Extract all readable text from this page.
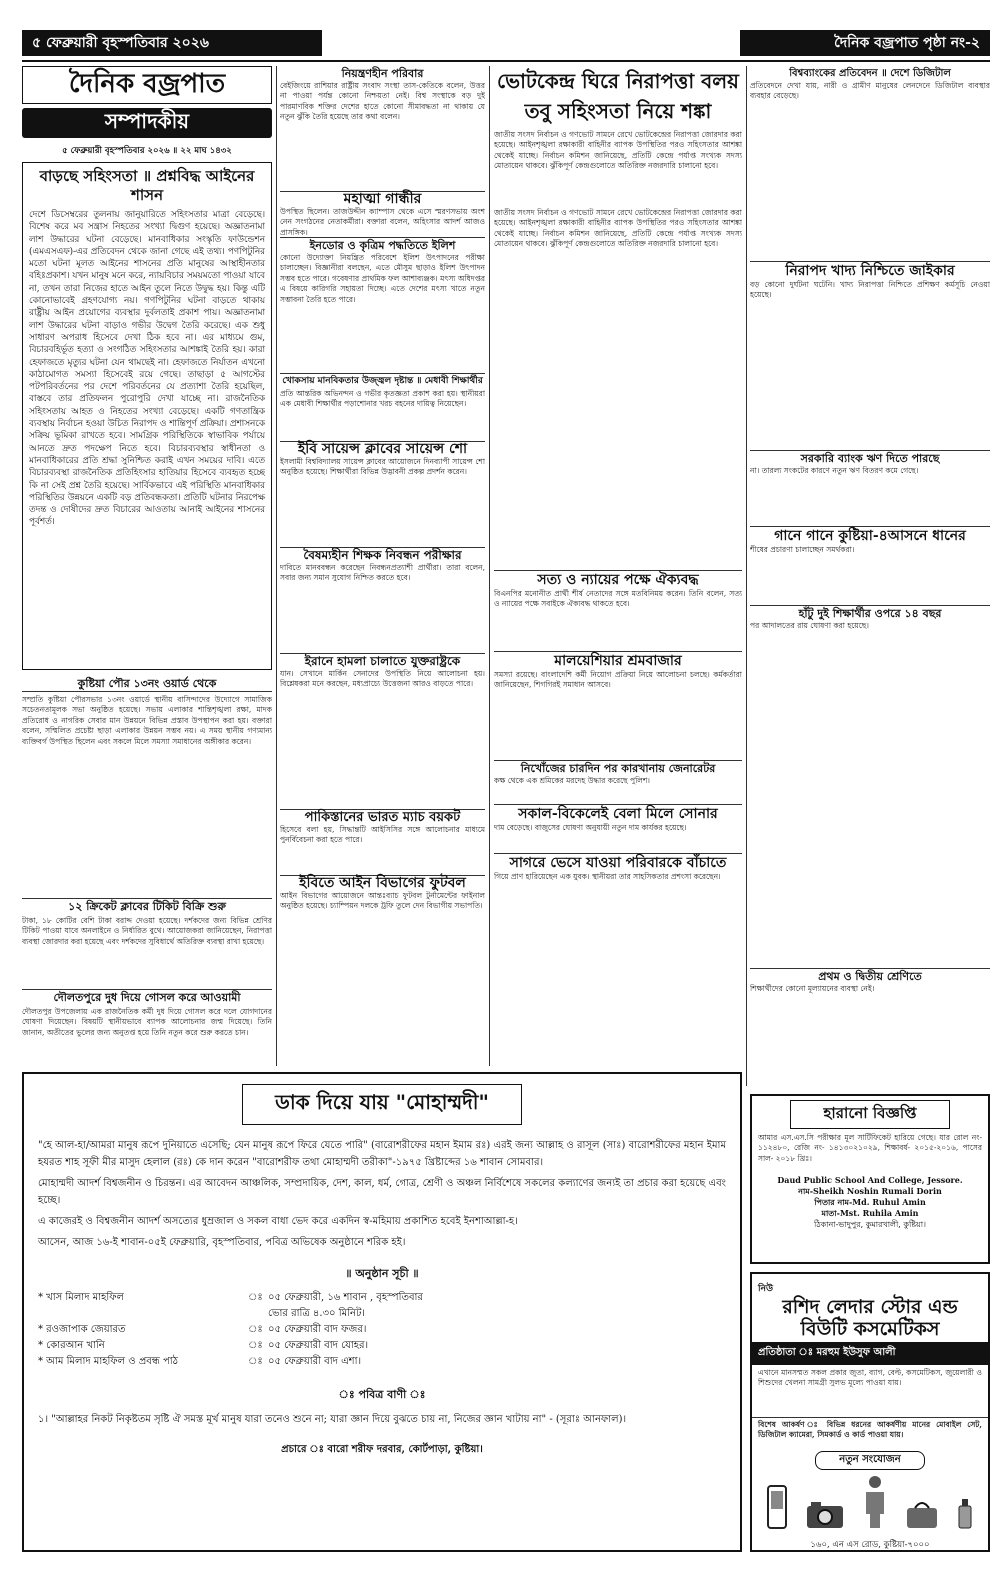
৫ ফেব্রুয়ারী বৃহস্পতিবার ২০২৬	দৈনিক বজ্রপাত পৃষ্ঠা নং-২
দৈনিক বজ্রপাত
সম্পাদকীয়
৫ ফেব্রুয়ারী বৃহস্পতিবার ২০২৬ ॥ ২২ মাঘ ১৪৩২
বাড়ছে সহিংসতা ॥ প্রশ্নবিদ্ধ আইনের শাসন
দেশে ডিসেম্বরের তুলনায় জানুয়ারিতে সহিংসতার মাত্রা বেড়েছে। বিশেষ করে মব সন্ত্রাস নিহতের সংখ্যা দ্বিগুণ হয়েছে। অজ্ঞাতনামা লাশ উদ্ধারের ঘটনা বেড়েছে। মানবাধিকার সংস্কৃতি ফাউন্ডেশন (এমএসএফ)-এর প্রতিবেদন থেকে জানা গেছে এই তথ্য। পণপিটুনির মতো ঘটনা মূলত আইনের শাসনের প্রতি মানুষের আস্থাহীনতার বহিঃপ্রকাশ। যখন মানুষ মনে করে, ন্যায়বিচার সময়মতো পাওয়া যাবে না, তখন তারা নিজের হাতে আইন তুলে নিতে উদ্বুদ্ধ হয়। কিন্তু এটি কোনোভাবেই গ্রহণযোগ্য নয়। গণপিটুনির ঘটনা বাড়তে থাকায় রাষ্ট্রীয় আইন প্রয়োগের ব্যবস্থার দুর্বলতাই প্রকাশ পায়। অজ্ঞাতনামা লাশ উদ্ধারের ঘটনা বাড়াও গভীর উদ্বেগ তৈরি করেছে। এক শুধু সাধারণ অপরাধ হিসেবে দেখা ঠিক হবে না। এর মাধ্যমে গুম, বিচারবহির্ভূত হত্যা ও সংগঠিত সহিংসতার আশঙ্কাই তৈরি হয়। কারা হেফাজতে মৃত্যুর ঘটনা যেন থামছেই না। হেফাজতে নির্যাতন এখনো কাঠামোগত সমস্যা হিসেবেই রয়ে গেছে। তাছাড়া ৫ আগস্টের পটপরিবর্তনের পর দেশে পরিবর্তনের যে প্রত্যাশা তৈরি হয়েছিল, বাস্তবে তার প্রতিফলন পুরোপুরি দেখা যাচ্ছে না। রাজনৈতিক সহিংসতায় আহত ও নিহতের সংখ্যা বেড়েছে। একটি গণতান্ত্রিক ব্যবস্থায় নির্বাচন হওয়া উচিত নিরাপদ ও শান্তিপূর্ণ প্রক্রিয়া। প্রশাসনকে সক্রিয় ভূমিকা রাখতে হবে। সামগ্রিক পরিস্থিতিকে স্বাভাবিক পর্যায়ে আনতে দ্রুত পদক্ষেপ নিতে হবে। বিচারব্যবস্থার স্বাধীনতা ও মানবাধিকারের প্রতি শ্রদ্ধা সুনিশ্চিত করাই এখন সময়ের দাবি। এতে বিচারব্যবস্থা রাজনৈতিক প্রতিহিংসার হাতিয়ার হিসেবে ব্যবহৃত হচ্ছে কি না সেই প্রশ্ন তৈরি হয়েছে। সার্বিকভাবে এই পরিস্থিতি মানবাধিকার পরিস্থিতির উন্নয়নে একটি বড় প্রতিবন্ধকতা। প্রতিটি ঘটনার নিরপেক্ষ তদন্ত ও দোষীদের দ্রুত বিচারের আওতায় আনাই আইনের শাসনের পূর্বশর্ত।
কুষ্টিয়া পৌর ১৩নং ওয়ার্ড থেকে
সম্প্রতি কুষ্টিয়া পৌরসভার ১৩নং ওয়ার্ডে স্থানীয় বাসিন্দাদের উদ্যোগে সামাজিক সচেতনতামূলক সভা অনুষ্ঠিত হয়েছে। সভায় এলাকার শান্তিশৃঙ্খলা রক্ষা, মাদক প্রতিরোধ ও নাগরিক সেবার মান উন্নয়নে বিভিন্ন প্রস্তাব উপস্থাপন করা হয়। বক্তারা বলেন, সম্মিলিত প্রচেষ্টা ছাড়া এলাকার উন্নয়ন সম্ভব নয়। এ সময় স্থানীয় গণ্যমান্য ব্যক্তিবর্গ উপস্থিত ছিলেন এবং সকলে মিলে সমস্যা সমাধানের অঙ্গীকার করেন।
১২ ক্রিকেট ক্লাবের টিকিট বিক্রি শুরু
টাকা, ১৮ কোটির বেশি টাকা বরাদ্দ দেওয়া হয়েছে। দর্শকদের জন্য বিভিন্ন শ্রেণির টিকিট পাওয়া যাবে অনলাইনে ও নির্ধারিত বুথে। আয়োজকরা জানিয়েছেন, নিরাপত্তা ব্যবস্থা জোরদার করা হয়েছে এবং দর্শকদের সুবিধার্থে অতিরিক্ত ব্যবস্থা রাখা হয়েছে।
দৌলতপুরে দুধ দিয়ে গোসল করে আওয়ামী
দৌলতপুর উপজেলায় এক রাজনৈতিক কর্মী দুধ দিয়ে গোসল করে দলে যোগদানের ঘোষণা দিয়েছেন। বিষয়টি স্থানীয়ভাবে ব্যাপক আলোচনার জন্ম দিয়েছে। তিনি জানান, অতীতের ভুলের জন্য অনুতপ্ত হয়ে তিনি নতুন করে শুরু করতে চান।
নিয়ন্ত্রণহীন পরিবার
বেইজিংয়ে রাশিয়ার রাষ্ট্রীয় সংবাদ সংস্থা তাস-কেতিকে বলেন, উত্তর না পাওয়া পর্যন্ত কোনো নিশ্চয়তা নেই। বিশ্ব সংস্থাকে বড় দুই পারমাণবিক শক্তির দেশের হাতে কোনো সীমাবদ্ধতা না থাকায় যে নতুন ঝুঁকি তৈরি হয়েছে তার কথা বলেন।
মহাত্মা গান্ধীর
উপস্থিত ছিলেন। তাজউদ্দীন ক্যাম্পাস থেকে এসে স্মরণসভায় অংশ নেন সংগঠনের নেতাকর্মীরা। বক্তারা বলেন, অহিংসার আদর্শ আজও প্রাসঙ্গিক।
ইনডোর ও কৃত্রিম পদ্ধতিতে ইলিশ
কোনো উদ্যোক্তা নিয়ন্ত্রিত পরিবেশে ইলিশ উৎপাদনের পরীক্ষা চালাচ্ছেন। বিজ্ঞানীরা বলছেন, এতে মৌসুম ছাড়াও ইলিশ উৎপাদন সম্ভব হতে পারে। গবেষণার প্রাথমিক ফল আশাব্যঞ্জক। মৎস্য অধিদপ্তর এ বিষয়ে কারিগরি সহায়তা দিচ্ছে। এতে দেশের মৎস্য খাতে নতুন সম্ভাবনা তৈরি হতে পারে।
খোকসায় মানবিকতার উজ্জ্বল দৃষ্টান্ত ॥ মেধাবী শিক্ষার্থীর
প্রতি আন্তরিক অভিনন্দন ও গভীর কৃতজ্ঞতা প্রকাশ করা হয়। স্থানীয়রা এক মেধাবী শিক্ষার্থীর পড়াশোনার খরচ বহনের দায়িত্ব নিয়েছেন।
ইবি সায়েন্স ক্লাবের সায়েন্স শো
ইসলামী বিশ্ববিদ্যালয় সায়েন্স ক্লাবের আয়োজনে দিনব্যাপী সায়েন্স শো অনুষ্ঠিত হয়েছে। শিক্ষার্থীরা বিভিন্ন উদ্ভাবনী প্রকল্প প্রদর্শন করেন।
বৈষম্যহীন শিক্ষক নিবন্ধন পরীক্ষার
দাবিতে মানববন্ধন করেছেন নিবন্ধনপ্রত্যাশী প্রার্থীরা। তারা বলেন, সবার জন্য সমান সুযোগ নিশ্চিত করতে হবে।
ইরানে হামলা চালাতে যুক্তরাষ্ট্রকে
যান। সেখানে মার্কিন সেনাদের উপস্থিতি নিয়ে আলোচনা হয়। বিশ্লেষকরা মনে করছেন, মধ্যপ্রাচ্যে উত্তেজনা আরও বাড়তে পারে।
পাকিস্তানের ভারত ম্যাচ বয়কট
হিসেবে বলা হয়, সিদ্ধান্তটি আইসিসির সঙ্গে আলোচনার মাধ্যমে পুনর্বিবেচনা করা হতে পারে।
ইবিতে আইন বিভাগের ফুটবল
আইন বিভাগের আয়োজনে আন্তঃব্যাচ ফুটবল টুর্নামেন্টের ফাইনাল অনুষ্ঠিত হয়েছে। চ্যাম্পিয়ন দলকে ট্রফি তুলে দেন বিভাগীয় সভাপতি।
ভোটকেন্দ্র ঘিরে নিরাপত্তা বলয়
তবু সহিংসতা নিয়ে শঙ্কা
জাতীয় সংসদ নির্বাচন ও গণভোট সামনে রেখে ভোটকেন্দ্রের নিরাপত্তা জোরদার করা হয়েছে। আইনশৃঙ্খলা রক্ষাকারী বাহিনীর ব্যাপক উপস্থিতির পরও সহিংসতার আশঙ্কা থেকেই যাচ্ছে। নির্বাচন কমিশন জানিয়েছে, প্রতিটি কেন্দ্রে পর্যাপ্ত সংখ্যক সদস্য মোতায়েন থাকবে। ঝুঁকিপূর্ণ কেন্দ্রগুলোতে অতিরিক্ত নজরদারি চালানো হবে।
জাতীয় সংসদ নির্বাচন ও গণভোট সামনে রেখে ভোটকেন্দ্রের নিরাপত্তা জোরদার করা হয়েছে। আইনশৃঙ্খলা রক্ষাকারী বাহিনীর ব্যাপক উপস্থিতির পরও সহিংসতার আশঙ্কা থেকেই যাচ্ছে। নির্বাচন কমিশন জানিয়েছে, প্রতিটি কেন্দ্রে পর্যাপ্ত সংখ্যক সদস্য মোতায়েন থাকবে। ঝুঁকিপূর্ণ কেন্দ্রগুলোতে অতিরিক্ত নজরদারি চালানো হবে।
সত্য ও ন্যায়ের পক্ষে ঐক্যবদ্ধ
বিএনপির মনোনীত প্রার্থী শীর্ষ নেতাদের সঙ্গে মতবিনিময় করেন। তিনি বলেন, সত্য ও ন্যায়ের পক্ষে সবাইকে ঐক্যবদ্ধ থাকতে হবে।
মালয়েশিয়ার শ্রমবাজার
সমস্যা রয়েছে। বাংলাদেশি কর্মী নিয়োগ প্রক্রিয়া নিয়ে আলোচনা চলছে। কর্মকর্তারা জানিয়েছেন, শিগগিরই সমাধান আসবে।
নিখোঁজের চারদিন পর কারখানায় জেনারেটর
কক্ষ থেকে এক শ্রমিকের মরদেহ উদ্ধার করেছে পুলিশ।
সকাল-বিকেলেই বেলা মিলে সোনার
দাম বেড়েছে। বাজুসের ঘোষণা অনুযায়ী নতুন দাম কার্যকর হয়েছে।
সাগরে ভেসে যাওয়া পরিবারকে বাঁচাতে
গিয়ে প্রাণ হারিয়েছেন এক যুবক। স্থানীয়রা তার সাহসিকতার প্রশংসা করেছেন।
বিশ্বব্যাংকের প্রতিবেদন ॥ দেশে ডিজিটাল
প্রতিবেদনে দেখা যায়, নারী ও গ্রামীণ মানুষের লেনদেনে ডিজিটাল ব্যবস্থার ব্যবহার বেড়েছে।
নিরাপদ খাদ্য নিশ্চিতে জাইকার
বড় কোনো দুর্ঘটনা ঘটেনি। খাদ্য নিরাপত্তা নিশ্চিতে প্রশিক্ষণ কর্মসূচি নেওয়া হয়েছে।
সরকারি ব্যাংক ঋণ দিতে পারছে
না। তারল্য সংকটের কারণে নতুন ঋণ বিতরণ কমে গেছে।
গানে গানে কুষ্টিয়া-৪আসনে ধানের
শীষের প্রচারণা চালাচ্ছেন সমর্থকরা।
হাঁটু দুই শিক্ষার্থীর ওপরে ১৪ বছর
পর আদালতের রায় ঘোষণা করা হয়েছে।
প্রথম ও দ্বিতীয় শ্রেণিতে
শিক্ষার্থীদের কোনো মূল্যায়নের ব্যবস্থা নেই।
ডাক দিয়ে যায় "মোহাম্মদী"
"হে আল-হা/আমরা মানুষ রূপে দুনিয়াতে এসেছি; যেন মানুষ রূপে ফিরে যেতে পারি" (বারোশরীফের মহান ইমাম রঃ) এরই জন্য আল্লাহ ও রাসূল (সাঃ) বারোশরীফের মহান ইমাম হযরত শাহ সূফী মীর মাসুদ হেলাল (রঃ) কে দান করেন "বারোশরীফ তথা মোহাম্মদী তরীকা"-১৯৭৫ খ্রিষ্টাব্দের ১৬ শাবান সোমবার।
মোহাম্মদী আদর্শ বিশ্বজনীন ও চিরন্তন। এর আবেদন আঞ্চলিক, সম্প্রদায়িক, দেশ, কাল, ধর্ম, গোত্র, শ্রেণী ও অঞ্চল নির্বিশেষে সকলের কল্যাণের জন্যই তা প্রচার করা হয়েছে এবং হচ্ছে।
এ কাজেরই ও বিশ্বজনীন আদর্শ অসত্যের ধুম্রজাল ও সকল বাধা ভেদ করে একদিন স্ব-মহিমায় প্রকাশিত হবেই ইনশাআল্লা-হ।
আসেন, আজ ১৬-ই শাবান-০৫ই ফেব্রুয়ারি, বৃহস্পতিবার, পবিত্র অভিষেক অনুষ্ঠানে শরিক হই।
॥ অনুষ্ঠান সূচী ॥
* খাস মিলাদ মাহফিল	ঃ ০৫ ফেব্রুয়ারী, ১৬ শাবান , বৃহস্পতিবার
ভোর রাত্রি ৪.৩০ মিনিট।
* রওজাপাক জেয়ারত	ঃ ০৫ ফেব্রুয়ারী বাদ ফজর।
* কোরআন খানি	ঃ ০৫ ফেব্রুয়ারী বাদ যোহর।
* আম মিলাদ মাহফিল ও প্রবন্ধ পাঠ	ঃ ০৫ ফেব্রুয়ারী বাদ এশা।
ঃ পবিত্র বাণী ঃ
১। "আল্লাহর নিকট নিকৃষ্টতম সৃষ্টি ঐ সমস্ত মূর্খ মানুষ যারা তনেও শুনে না; যারা জ্ঞান দিয়ে বুঝতে চায় না, নিজের জ্ঞান খাটায় না" - (সূরাঃ আনফাল)।
প্রচারে ঃ বারো শরীফ দরবার, কোর্টপাড়া, কুষ্টিয়া।
হারানো বিজ্ঞপ্তি
আমার এস.এস.সি পরীক্ষার মূল সার্টিফিকেট হারিয়ে গেছে। যার রোল নং- ১১২৪৮০, রেজি নং- ১৪১৩০২১০২৯, শিক্ষাবর্ষ- ২০১৫-২০১৬, পাসের সাল- ২০১৮ খ্রিঃ।
Daud Public School And College, Jessore.
নাম-Sheikh Noshin Rumali Dorin
পিতার নাম-Md. Ruhul Amin
মাতা-Mst. Ruhila Amin
ঠিকানা-ভাদুপুর, কুমারখালী, কুষ্টিয়া।
নিউ
রশিদ লেদার স্টোর এন্ড বিউটি কসমেটিকস
প্রতিষ্ঠাতা ঃ মরহুম ইউসুফ আলী
এখানে মানসম্মত সকল প্রকার জুতা, ব্যাগ, বেল্ট, কসমেটিকস, জুয়েলারী ও শিশুদের খেলনা সামগ্রী সুলভ মূল্যে পাওয়া যায়।
বিশেষ আকর্ষণ ঃ বিভিন্ন ধরনের আকর্ষণীয় মানের মোবাইল সেট, ডিজিটাল ক্যামেরা, সিমকার্ড ও কার্ড পাওয়া যায়।
নতুন সংযোজন
১৬০, এন এস রোড, কুষ্টিয়া-৭০০০
